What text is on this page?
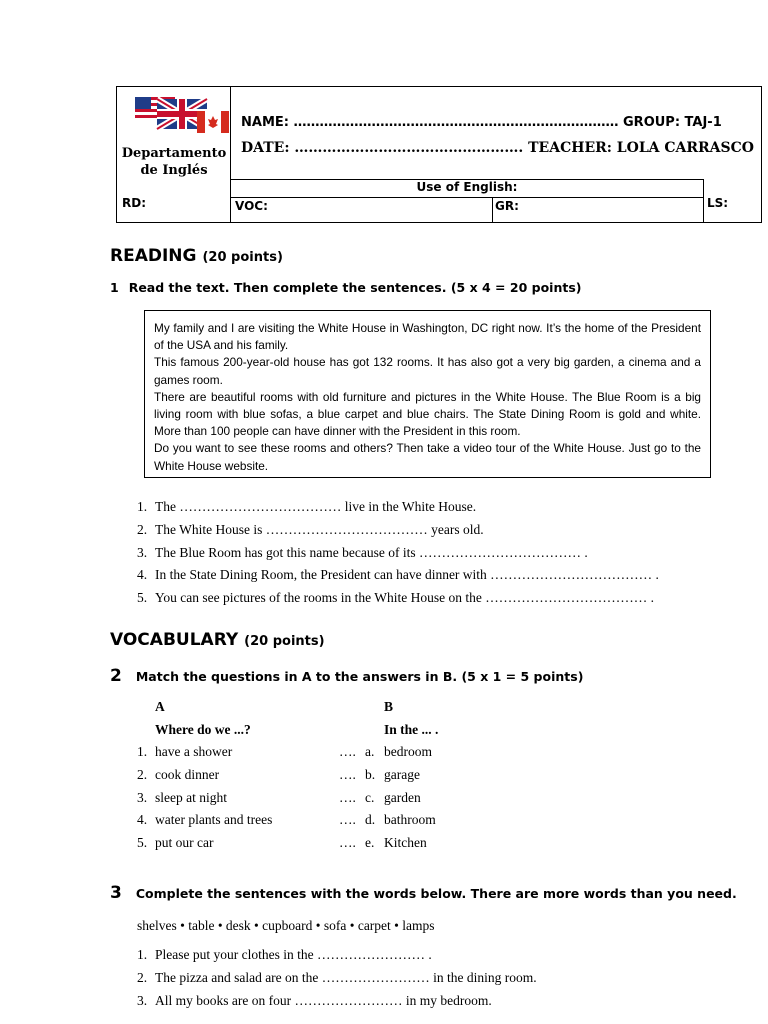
Departamento de Inglés
NAME: ………………………………………………………………… GROUP: TAJ-1
DATE: …………………………………………. TEACHER: LOLA CARRASCO
RD:
Use of English:
VOC:	GR:	LS:
READING (20 points)
1 Read the text. Then complete the sentences. (5 x 4 = 20 points)

My family and I are visiting the White House in Washington, DC right now. It’s the home of the President of the USA and his family.

This famous 200-year-old house has got 132 rooms. It has also got a very big garden, a cinema and a games room.

There are beautiful rooms with old furniture and pictures in the White House. The Blue Room is a big living room with blue sofas, a blue carpet and blue chairs. The State Dining Room is gold and white. More than 100 people can have dinner with the President in this room.

Do you want to see these rooms and others? Then take a video tour of the White House. Just go to the White House website.

1. The ……………………………… live in the White House.
2. The White House is ……………………………… years old.
3. The Blue Room has got this name because of its ……………………………… .
4. In the State Dining Room, the President can have dinner with ……………………………… .
5. You can see pictures of the rooms in the White House on the ……………………………… .
VOCABULARY (20 points)
2 Match the questions in A to the answers in B. (5 x 1 = 5 points)
A	B
Where do we ...?	In the ... .
1. have a shower	…. a. bedroom
2. cook dinner	…. b. garage
3. sleep at night	…. c. garden
4. water plants and trees	…. d. bathroom
5. put our car	…. e. Kitchen
3 Complete the sentences with the words below. There are more words than you need.
shelves • table • desk • cupboard • sofa • carpet • lamps
1. Please put your clothes in the …………………… .
2. The pizza and salad are on the …………………… in the dining room.
3. All my books are on four …………………… in my bedroom.
